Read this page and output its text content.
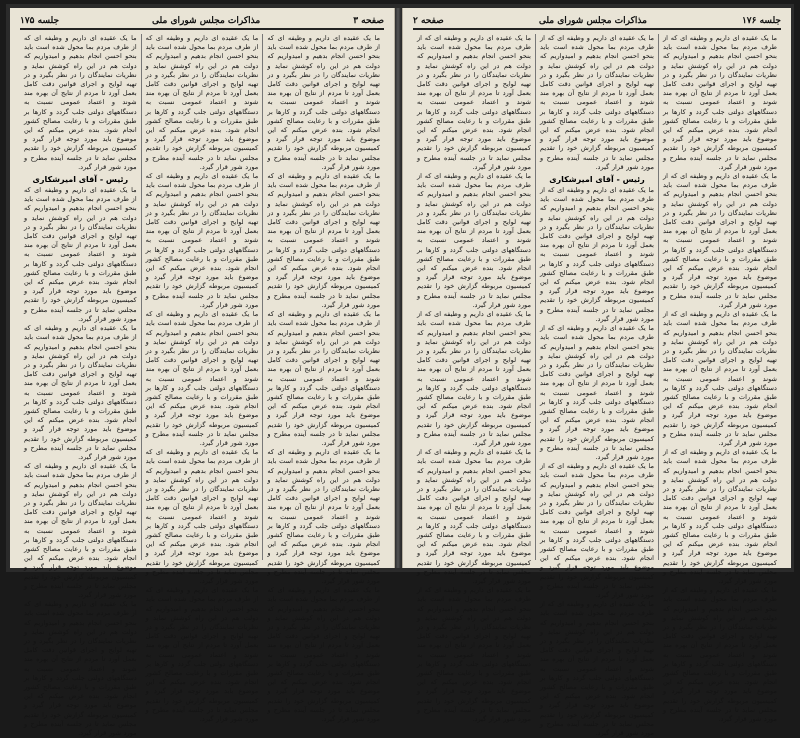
صفحه ۳
مذاکرات مجلس شورای ملی
جلسه ۱۷۵
ما یک عقیده ای داریم و وظیفه ای که از طرف مردم بما محول شده است باید بنحو احسن انجام بدهیم و امیدواریم که دولت هم در این راه کوشش نماید و نظریات نمایندگان را در نظر بگیرد و در تهیه لوایح و اجرای قوانین دقت کامل بعمل آورد تا مردم از نتایج آن بهره مند شوند و اعتماد عمومی نسبت به دستگاههای دولتی جلب گردد و کارها بر طبق مقررات و با رعایت مصالح کشور انجام شود. بنده عرض میکنم که این موضوع باید مورد توجه قرار گیرد و کمیسیون مربوطه گزارش خود را تقدیم مجلس نماید تا در جلسه آینده مطرح و مورد شور قرار گیرد.
ما یک عقیده ای داریم و وظیفه ای که از طرف مردم بما محول شده است باید بنحو احسن انجام بدهیم و امیدواریم که دولت هم در این راه کوشش نماید و نظریات نمایندگان را در نظر بگیرد و در تهیه لوایح و اجرای قوانین دقت کامل بعمل آورد تا مردم از نتایج آن بهره مند شوند و اعتماد عمومی نسبت به دستگاههای دولتی جلب گردد و کارها بر طبق مقررات و با رعایت مصالح کشور انجام شود. بنده عرض میکنم که این موضوع باید مورد توجه قرار گیرد و کمیسیون مربوطه گزارش خود را تقدیم مجلس نماید تا در جلسه آینده مطرح و مورد شور قرار گیرد.
ما یک عقیده ای داریم و وظیفه ای که از طرف مردم بما محول شده است باید بنحو احسن انجام بدهیم و امیدواریم که دولت هم در این راه کوشش نماید و نظریات نمایندگان را در نظر بگیرد و در تهیه لوایح و اجرای قوانین دقت کامل بعمل آورد تا مردم از نتایج آن بهره مند شوند و اعتماد عمومی نسبت به دستگاههای دولتی جلب گردد و کارها بر طبق مقررات و با رعایت مصالح کشور انجام شود. بنده عرض میکنم که این موضوع باید مورد توجه قرار گیرد و کمیسیون مربوطه گزارش خود را تقدیم مجلس نماید تا در جلسه آینده مطرح و مورد شور قرار گیرد.
ما یک عقیده ای داریم و وظیفه ای که از طرف مردم بما محول شده است باید بنحو احسن انجام بدهیم و امیدواریم که دولت هم در این راه کوشش نماید و نظریات نمایندگان را در نظر بگیرد و در تهیه لوایح و اجرای قوانین دقت کامل بعمل آورد تا مردم از نتایج آن بهره مند شوند و اعتماد عمومی نسبت به دستگاههای دولتی جلب گردد و کارها بر طبق مقررات و با رعایت مصالح کشور انجام شود. بنده عرض میکنم که این موضوع باید مورد توجه قرار گیرد و کمیسیون مربوطه گزارش خود را تقدیم مجلس نماید تا در جلسه آینده مطرح و مورد شور قرار گیرد.
ما یک عقیده ای داریم و وظیفه ای که از طرف مردم بما محول شده است باید بنحو احسن انجام بدهیم و امیدواریم که دولت هم در این راه کوشش نماید و نظریات نمایندگان را در نظر بگیرد و در تهیه لوایح و اجرای قوانین دقت کامل بعمل آورد تا مردم از نتایج آن بهره مند شوند و اعتماد عمومی نسبت به دستگاههای دولتی جلب گردد و کارها بر طبق مقررات و با رعایت مصالح کشور انجام شود. بنده عرض میکنم که این موضوع باید مورد توجه قرار گیرد و کمیسیون مربوطه گزارش خود را تقدیم مجلس نماید تا در جلسه آینده مطرح و مورد شور قرار گیرد.
ما یک عقیده ای داریم و وظیفه ای که از طرف مردم بما محول شده است باید بنحو احسن انجام بدهیم و امیدواریم که دولت هم در این راه کوشش نماید و نظریات نمایندگان را در نظر بگیرد و در تهیه لوایح و اجرای قوانین دقت کامل بعمل آورد تا مردم از نتایج آن بهره مند شوند و اعتماد عمومی نسبت به دستگاههای دولتی جلب گردد و کارها بر طبق مقررات و با رعایت مصالح کشور انجام شود. بنده عرض میکنم که این موضوع باید مورد توجه قرار گیرد و کمیسیون مربوطه گزارش خود را تقدیم مجلس نماید تا در جلسه آینده مطرح و مورد شور قرار گیرد.
ما یک عقیده ای داریم و وظیفه ای که از طرف مردم بما محول شده است باید بنحو احسن انجام بدهیم و امیدواریم که دولت هم در این راه کوشش نماید و نظریات نمایندگان را در نظر بگیرد و در تهیه لوایح و اجرای قوانین دقت کامل بعمل آورد تا مردم از نتایج آن بهره مند شوند و اعتماد عمومی نسبت به دستگاههای دولتی جلب گردد و کارها بر طبق مقررات و با رعایت مصالح کشور انجام شود. بنده عرض میکنم که این موضوع باید مورد توجه قرار گیرد و کمیسیون مربوطه گزارش خود را تقدیم مجلس نماید تا در جلسه آینده مطرح و مورد شور قرار گیرد.
ما یک عقیده ای داریم و وظیفه ای که از طرف مردم بما محول شده است باید بنحو احسن انجام بدهیم و امیدواریم که دولت هم در این راه کوشش نماید و نظریات نمایندگان را در نظر بگیرد و در تهیه لوایح و اجرای قوانین دقت کامل بعمل آورد تا مردم از نتایج آن بهره مند شوند و اعتماد عمومی نسبت به دستگاههای دولتی جلب گردد و کارها بر طبق مقررات و با رعایت مصالح کشور انجام شود. بنده عرض میکنم که این موضوع باید مورد توجه قرار گیرد و کمیسیون مربوطه گزارش خود را تقدیم مجلس نماید تا در جلسه آینده مطرح و مورد شور قرار گیرد.
ما یک عقیده ای داریم و وظیفه ای که از طرف مردم بما محول شده است باید بنحو احسن انجام بدهیم و امیدواریم که دولت هم در این راه کوشش نماید و نظریات نمایندگان را در نظر بگیرد و در تهیه لوایح و اجرای قوانین دقت کامل بعمل آورد تا مردم از نتایج آن بهره مند شوند و اعتماد عمومی نسبت به دستگاههای دولتی جلب گردد و کارها بر طبق مقررات و با رعایت مصالح کشور انجام شود. بنده عرض میکنم که این موضوع باید مورد توجه قرار گیرد و کمیسیون مربوطه گزارش خود را تقدیم مجلس نماید تا در جلسه آینده مطرح و مورد شور قرار گیرد.
ما یک عقیده ای داریم و وظیفه ای که از طرف مردم بما محول شده است باید بنحو احسن انجام بدهیم و امیدواریم که دولت هم در این راه کوشش نماید و نظریات نمایندگان را در نظر بگیرد و در تهیه لوایح و اجرای قوانین دقت کامل بعمل آورد تا مردم از نتایج آن بهره مند شوند و اعتماد عمومی نسبت به دستگاههای دولتی جلب گردد و کارها بر طبق مقررات و با رعایت مصالح کشور انجام شود. بنده عرض میکنم که این موضوع باید مورد توجه قرار گیرد و کمیسیون مربوطه گزارش خود را تقدیم مجلس نماید تا در جلسه آینده مطرح و مورد شور قرار گیرد.
ما یک عقیده ای داریم و وظیفه ای که از طرف مردم بما محول شده است باید بنحو احسن انجام بدهیم و امیدواریم که دولت هم در این راه کوشش نماید و نظریات نمایندگان را در نظر بگیرد و در تهیه لوایح و اجرای قوانین دقت کامل بعمل آورد تا مردم از نتایج آن بهره مند شوند و اعتماد عمومی نسبت به دستگاههای دولتی جلب گردد و کارها بر طبق مقررات و با رعایت مصالح کشور انجام شود. بنده عرض میکنم که این موضوع باید مورد توجه قرار گیرد و کمیسیون مربوطه گزارش خود را تقدیم مجلس نماید تا در جلسه آینده مطرح و مورد شور قرار گیرد.
رئیس - آقای امیرشکاری
ما یک عقیده ای داریم و وظیفه ای که از طرف مردم بما محول شده است باید بنحو احسن انجام بدهیم و امیدواریم که دولت هم در این راه کوشش نماید و نظریات نمایندگان را در نظر بگیرد و در تهیه لوایح و اجرای قوانین دقت کامل بعمل آورد تا مردم از نتایج آن بهره مند شوند و اعتماد عمومی نسبت به دستگاههای دولتی جلب گردد و کارها بر طبق مقررات و با رعایت مصالح کشور انجام شود. بنده عرض میکنم که این موضوع باید مورد توجه قرار گیرد و کمیسیون مربوطه گزارش خود را تقدیم مجلس نماید تا در جلسه آینده مطرح و مورد شور قرار گیرد.
ما یک عقیده ای داریم و وظیفه ای که از طرف مردم بما محول شده است باید بنحو احسن انجام بدهیم و امیدواریم که دولت هم در این راه کوشش نماید و نظریات نمایندگان را در نظر بگیرد و در تهیه لوایح و اجرای قوانین دقت کامل بعمل آورد تا مردم از نتایج آن بهره مند شوند و اعتماد عمومی نسبت به دستگاههای دولتی جلب گردد و کارها بر طبق مقررات و با رعایت مصالح کشور انجام شود. بنده عرض میکنم که این موضوع باید مورد توجه قرار گیرد و کمیسیون مربوطه گزارش خود را تقدیم مجلس نماید تا در جلسه آینده مطرح و مورد شور قرار گیرد.
ما یک عقیده ای داریم و وظیفه ای که از طرف مردم بما محول شده است باید بنحو احسن انجام بدهیم و امیدواریم که دولت هم در این راه کوشش نماید و نظریات نمایندگان را در نظر بگیرد و در تهیه لوایح و اجرای قوانین دقت کامل بعمل آورد تا مردم از نتایج آن بهره مند شوند و اعتماد عمومی نسبت به دستگاههای دولتی جلب گردد و کارها بر طبق مقررات و با رعایت مصالح کشور انجام شود. بنده عرض میکنم که این موضوع باید مورد توجه قرار گیرد و کمیسیون مربوطه گزارش خود را تقدیم مجلس نماید تا در جلسه آینده مطرح و مورد شور قرار گیرد.
ما یک عقیده ای داریم و وظیفه ای که از طرف مردم بما محول شده است باید بنحو احسن انجام بدهیم و امیدواریم که دولت هم در این راه کوشش نماید و نظریات نمایندگان را در نظر بگیرد و در تهیه لوایح و اجرای قوانین دقت کامل بعمل آورد تا مردم از نتایج آن بهره مند شوند و اعتماد عمومی نسبت به دستگاههای دولتی جلب گردد و کارها بر طبق مقررات و با رعایت مصالح کشور انجام شود. بنده عرض میکنم که این موضوع باید مورد توجه قرار گیرد و کمیسیون مربوطه گزارش خود را تقدیم مجلس نماید تا در جلسه آینده مطرح و مورد شور قرار گیرد.
جلسه ۱۷۶
مذاکرات مجلس شورای ملی
صفحه ۲
ما یک عقیده ای داریم و وظیفه ای که از طرف مردم بما محول شده است باید بنحو احسن انجام بدهیم و امیدواریم که دولت هم در این راه کوشش نماید و نظریات نمایندگان را در نظر بگیرد و در تهیه لوایح و اجرای قوانین دقت کامل بعمل آورد تا مردم از نتایج آن بهره مند شوند و اعتماد عمومی نسبت به دستگاههای دولتی جلب گردد و کارها بر طبق مقررات و با رعایت مصالح کشور انجام شود. بنده عرض میکنم که این موضوع باید مورد توجه قرار گیرد و کمیسیون مربوطه گزارش خود را تقدیم مجلس نماید تا در جلسه آینده مطرح و مورد شور قرار گیرد.
ما یک عقیده ای داریم و وظیفه ای که از طرف مردم بما محول شده است باید بنحو احسن انجام بدهیم و امیدواریم که دولت هم در این راه کوشش نماید و نظریات نمایندگان را در نظر بگیرد و در تهیه لوایح و اجرای قوانین دقت کامل بعمل آورد تا مردم از نتایج آن بهره مند شوند و اعتماد عمومی نسبت به دستگاههای دولتی جلب گردد و کارها بر طبق مقررات و با رعایت مصالح کشور انجام شود. بنده عرض میکنم که این موضوع باید مورد توجه قرار گیرد و کمیسیون مربوطه گزارش خود را تقدیم مجلس نماید تا در جلسه آینده مطرح و مورد شور قرار گیرد.
ما یک عقیده ای داریم و وظیفه ای که از طرف مردم بما محول شده است باید بنحو احسن انجام بدهیم و امیدواریم که دولت هم در این راه کوشش نماید و نظریات نمایندگان را در نظر بگیرد و در تهیه لوایح و اجرای قوانین دقت کامل بعمل آورد تا مردم از نتایج آن بهره مند شوند و اعتماد عمومی نسبت به دستگاههای دولتی جلب گردد و کارها بر طبق مقررات و با رعایت مصالح کشور انجام شود. بنده عرض میکنم که این موضوع باید مورد توجه قرار گیرد و کمیسیون مربوطه گزارش خود را تقدیم مجلس نماید تا در جلسه آینده مطرح و مورد شور قرار گیرد.
ما یک عقیده ای داریم و وظیفه ای که از طرف مردم بما محول شده است باید بنحو احسن انجام بدهیم و امیدواریم که دولت هم در این راه کوشش نماید و نظریات نمایندگان را در نظر بگیرد و در تهیه لوایح و اجرای قوانین دقت کامل بعمل آورد تا مردم از نتایج آن بهره مند شوند و اعتماد عمومی نسبت به دستگاههای دولتی جلب گردد و کارها بر طبق مقررات و با رعایت مصالح کشور انجام شود. بنده عرض میکنم که این موضوع باید مورد توجه قرار گیرد و کمیسیون مربوطه گزارش خود را تقدیم مجلس نماید تا در جلسه آینده مطرح و مورد شور قرار گیرد.
ما یک عقیده ای داریم و وظیفه ای که از طرف مردم بما محول شده است باید بنحو احسن انجام بدهیم و امیدواریم که دولت هم در این راه کوشش نماید و نظریات نمایندگان را در نظر بگیرد و در تهیه لوایح و اجرای قوانین دقت کامل بعمل آورد تا مردم از نتایج آن بهره مند شوند و اعتماد عمومی نسبت به دستگاههای دولتی جلب گردد و کارها بر طبق مقررات و با رعایت مصالح کشور انجام شود. بنده عرض میکنم که این موضوع باید مورد توجه قرار گیرد و کمیسیون مربوطه گزارش خود را تقدیم مجلس نماید تا در جلسه آینده مطرح و مورد شور قرار گیرد.
ما یک عقیده ای داریم و وظیفه ای که از طرف مردم بما محول شده است باید بنحو احسن انجام بدهیم و امیدواریم که دولت هم در این راه کوشش نماید و نظریات نمایندگان را در نظر بگیرد و در تهیه لوایح و اجرای قوانین دقت کامل بعمل آورد تا مردم از نتایج آن بهره مند شوند و اعتماد عمومی نسبت به دستگاههای دولتی جلب گردد و کارها بر طبق مقررات و با رعایت مصالح کشور انجام شود. بنده عرض میکنم که این موضوع باید مورد توجه قرار گیرد و کمیسیون مربوطه گزارش خود را تقدیم مجلس نماید تا در جلسه آینده مطرح و مورد شور قرار گیرد.
رئیس - آقای امیرشکاری
ما یک عقیده ای داریم و وظیفه ای که از طرف مردم بما محول شده است باید بنحو احسن انجام بدهیم و امیدواریم که دولت هم در این راه کوشش نماید و نظریات نمایندگان را در نظر بگیرد و در تهیه لوایح و اجرای قوانین دقت کامل بعمل آورد تا مردم از نتایج آن بهره مند شوند و اعتماد عمومی نسبت به دستگاههای دولتی جلب گردد و کارها بر طبق مقررات و با رعایت مصالح کشور انجام شود. بنده عرض میکنم که این موضوع باید مورد توجه قرار گیرد و کمیسیون مربوطه گزارش خود را تقدیم مجلس نماید تا در جلسه آینده مطرح و مورد شور قرار گیرد.
ما یک عقیده ای داریم و وظیفه ای که از طرف مردم بما محول شده است باید بنحو احسن انجام بدهیم و امیدواریم که دولت هم در این راه کوشش نماید و نظریات نمایندگان را در نظر بگیرد و در تهیه لوایح و اجرای قوانین دقت کامل بعمل آورد تا مردم از نتایج آن بهره مند شوند و اعتماد عمومی نسبت به دستگاههای دولتی جلب گردد و کارها بر طبق مقررات و با رعایت مصالح کشور انجام شود. بنده عرض میکنم که این موضوع باید مورد توجه قرار گیرد و کمیسیون مربوطه گزارش خود را تقدیم مجلس نماید تا در جلسه آینده مطرح و مورد شور قرار گیرد.
ما یک عقیده ای داریم و وظیفه ای که از طرف مردم بما محول شده است باید بنحو احسن انجام بدهیم و امیدواریم که دولت هم در این راه کوشش نماید و نظریات نمایندگان را در نظر بگیرد و در تهیه لوایح و اجرای قوانین دقت کامل بعمل آورد تا مردم از نتایج آن بهره مند شوند و اعتماد عمومی نسبت به دستگاههای دولتی جلب گردد و کارها بر طبق مقررات و با رعایت مصالح کشور انجام شود. بنده عرض میکنم که این موضوع باید مورد توجه قرار گیرد و کمیسیون مربوطه گزارش خود را تقدیم مجلس نماید تا در جلسه آینده مطرح و مورد شور قرار گیرد.
ما یک عقیده ای داریم و وظیفه ای که از طرف مردم بما محول شده است باید بنحو احسن انجام بدهیم و امیدواریم که دولت هم در این راه کوشش نماید و نظریات نمایندگان را در نظر بگیرد و در تهیه لوایح و اجرای قوانین دقت کامل بعمل آورد تا مردم از نتایج آن بهره مند شوند و اعتماد عمومی نسبت به دستگاههای دولتی جلب گردد و کارها بر طبق مقررات و با رعایت مصالح کشور انجام شود. بنده عرض میکنم که این موضوع باید مورد توجه قرار گیرد و کمیسیون مربوطه گزارش خود را تقدیم مجلس نماید تا در جلسه آینده مطرح و مورد شور قرار گیرد.
ما یک عقیده ای داریم و وظیفه ای که از طرف مردم بما محول شده است باید بنحو احسن انجام بدهیم و امیدواریم که دولت هم در این راه کوشش نماید و نظریات نمایندگان را در نظر بگیرد و در تهیه لوایح و اجرای قوانین دقت کامل بعمل آورد تا مردم از نتایج آن بهره مند شوند و اعتماد عمومی نسبت به دستگاههای دولتی جلب گردد و کارها بر طبق مقررات و با رعایت مصالح کشور انجام شود. بنده عرض میکنم که این موضوع باید مورد توجه قرار گیرد و کمیسیون مربوطه گزارش خود را تقدیم مجلس نماید تا در جلسه آینده مطرح و مورد شور قرار گیرد.
ما یک عقیده ای داریم و وظیفه ای که از طرف مردم بما محول شده است باید بنحو احسن انجام بدهیم و امیدواریم که دولت هم در این راه کوشش نماید و نظریات نمایندگان را در نظر بگیرد و در تهیه لوایح و اجرای قوانین دقت کامل بعمل آورد تا مردم از نتایج آن بهره مند شوند و اعتماد عمومی نسبت به دستگاههای دولتی جلب گردد و کارها بر طبق مقررات و با رعایت مصالح کشور انجام شود. بنده عرض میکنم که این موضوع باید مورد توجه قرار گیرد و کمیسیون مربوطه گزارش خود را تقدیم مجلس نماید تا در جلسه آینده مطرح و مورد شور قرار گیرد.
ما یک عقیده ای داریم و وظیفه ای که از طرف مردم بما محول شده است باید بنحو احسن انجام بدهیم و امیدواریم که دولت هم در این راه کوشش نماید و نظریات نمایندگان را در نظر بگیرد و در تهیه لوایح و اجرای قوانین دقت کامل بعمل آورد تا مردم از نتایج آن بهره مند شوند و اعتماد عمومی نسبت به دستگاههای دولتی جلب گردد و کارها بر طبق مقررات و با رعایت مصالح کشور انجام شود. بنده عرض میکنم که این موضوع باید مورد توجه قرار گیرد و کمیسیون مربوطه گزارش خود را تقدیم مجلس نماید تا در جلسه آینده مطرح و مورد شور قرار گیرد.
ما یک عقیده ای داریم و وظیفه ای که از طرف مردم بما محول شده است باید بنحو احسن انجام بدهیم و امیدواریم که دولت هم در این راه کوشش نماید و نظریات نمایندگان را در نظر بگیرد و در تهیه لوایح و اجرای قوانین دقت کامل بعمل آورد تا مردم از نتایج آن بهره مند شوند و اعتماد عمومی نسبت به دستگاههای دولتی جلب گردد و کارها بر طبق مقررات و با رعایت مصالح کشور انجام شود. بنده عرض میکنم که این موضوع باید مورد توجه قرار گیرد و کمیسیون مربوطه گزارش خود را تقدیم مجلس نماید تا در جلسه آینده مطرح و مورد شور قرار گیرد.
ما یک عقیده ای داریم و وظیفه ای که از طرف مردم بما محول شده است باید بنحو احسن انجام بدهیم و امیدواریم که دولت هم در این راه کوشش نماید و نظریات نمایندگان را در نظر بگیرد و در تهیه لوایح و اجرای قوانین دقت کامل بعمل آورد تا مردم از نتایج آن بهره مند شوند و اعتماد عمومی نسبت به دستگاههای دولتی جلب گردد و کارها بر طبق مقررات و با رعایت مصالح کشور انجام شود. بنده عرض میکنم که این موضوع باید مورد توجه قرار گیرد و کمیسیون مربوطه گزارش خود را تقدیم مجلس نماید تا در جلسه آینده مطرح و مورد شور قرار گیرد.
